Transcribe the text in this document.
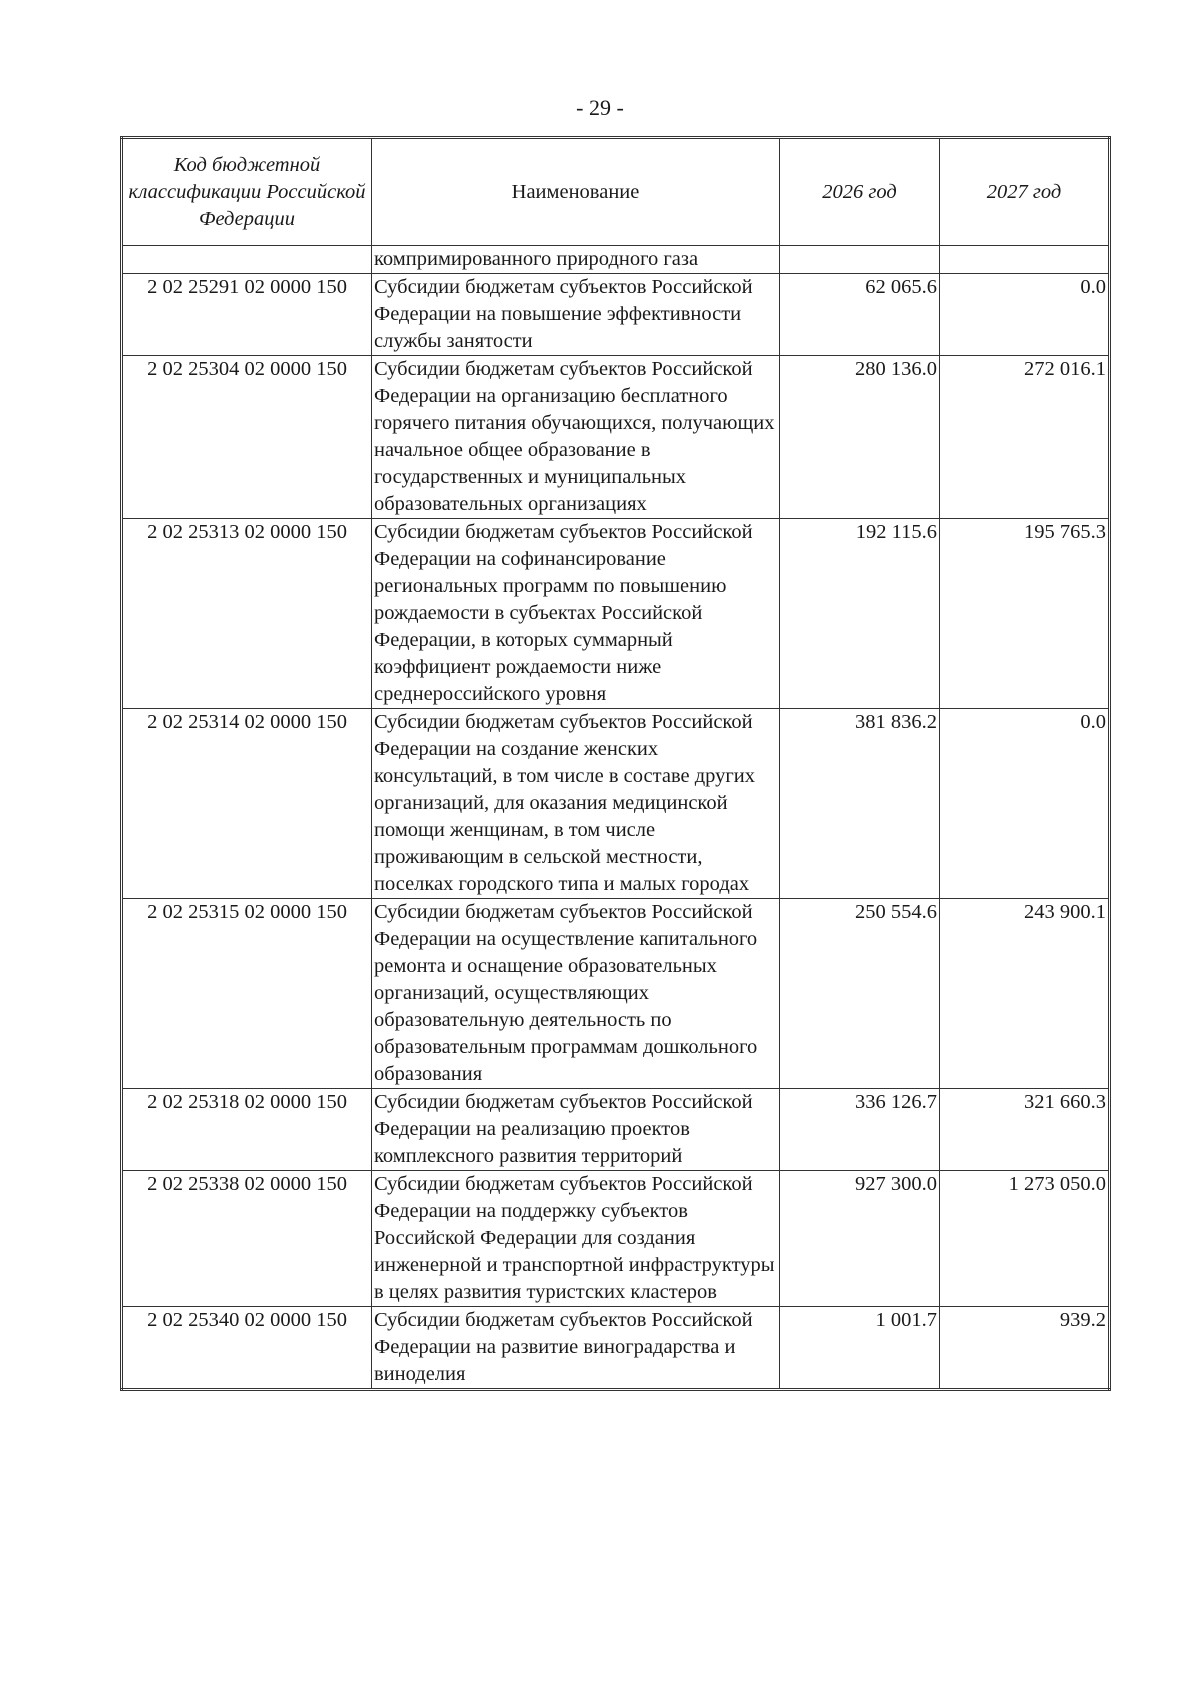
- 29 -
Код бюджетной классификации Российской Федерации	Наименование	2026 год	2027 год
	компримированного природного газа		
2 02 25291 02 0000 150	Субсидии бюджетам субъектов Российской Федерации на повышение эффективности службы занятости	62 065.6	0.0
2 02 25304 02 0000 150	Субсидии бюджетам субъектов Российской Федерации на организацию бесплатного горячего питания обучающихся, получающих начальное общее образование в государственных и муниципальных образовательных организациях	280 136.0	272 016.1
2 02 25313 02 0000 150	Субсидии бюджетам субъектов Российской Федерации на софинансирование региональных программ по повышению рождаемости в субъектах Российской Федерации, в которых суммарный коэффициент рождаемости ниже среднероссийского уровня	192 115.6	195 765.3
2 02 25314 02 0000 150	Субсидии бюджетам субъектов Российской Федерации на создание женских консультаций, в том числе в составе других организаций, для оказания медицинской помощи женщинам, в том числе проживающим в сельской местности, поселках городского типа и малых городах	381 836.2	0.0
2 02 25315 02 0000 150	Субсидии бюджетам субъектов Российской Федерации на осуществление капитального ремонта и оснащение образовательных организаций, осуществляющих образовательную деятельность по образовательным программам дошкольного образования	250 554.6	243 900.1
2 02 25318 02 0000 150	Субсидии бюджетам субъектов Российской Федерации на реализацию проектов комплексного развития территорий	336 126.7	321 660.3
2 02 25338 02 0000 150	Субсидии бюджетам субъектов Российской Федерации на поддержку субъектов Российской Федерации для создания инженерной и транспортной инфраструктуры в целях развития туристских кластеров	927 300.0	1 273 050.0
2 02 25340 02 0000 150	Субсидии бюджетам субъектов Российской Федерации на развитие виноградарства и виноделия	1 001.7	939.2
